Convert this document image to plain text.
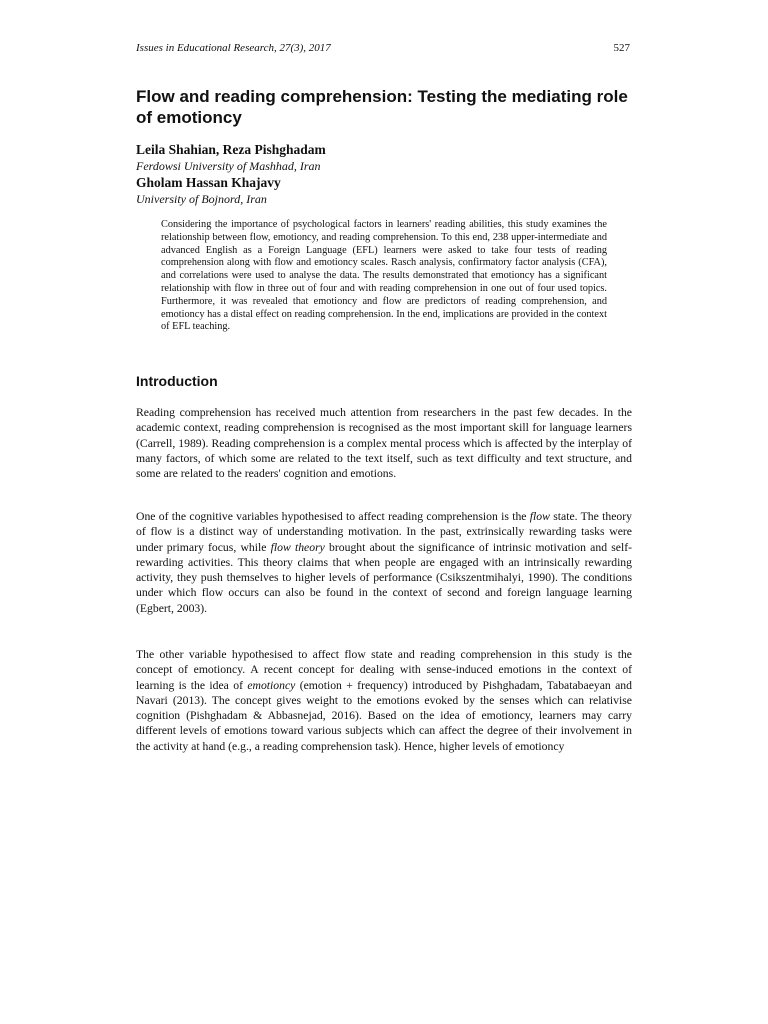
Issues in Educational Research, 27(3), 2017	527
Flow and reading comprehension: Testing the mediating role of emotioncy
Leila Shahian, Reza Pishghadam
Ferdowsi University of Mashhad, Iran
Gholam Hassan Khajavy
University of Bojnord, Iran

Considering the importance of psychological factors in learners' reading abilities, this study examines the relationship between flow, emotioncy, and reading comprehension. To this end, 238 upper-intermediate and advanced English as a Foreign Language (EFL) learners were asked to take four tests of reading comprehension along with flow and emotioncy scales. Rasch analysis, confirmatory factor analysis (CFA), and correlations were used to analyse the data. The results demonstrated that emotioncy has a significant relationship with flow in three out of four and with reading comprehension in one out of four used topics. Furthermore, it was revealed that emotioncy and flow are predictors of reading comprehension, and emotioncy has a distal effect on reading comprehension. In the end, implications are provided in the context of EFL teaching.

Introduction

Reading comprehension has received much attention from researchers in the past few decades. In the academic context, reading comprehension is recognised as the most important skill for language learners (Carrell, 1989). Reading comprehension is a complex mental process which is affected by the interplay of many factors, of which some are related to the text itself, such as text difficulty and text structure, and some are related to the readers' cognition and emotions.

One of the cognitive variables hypothesised to affect reading comprehension is the flow state. The theory of flow is a distinct way of understanding motivation. In the past, extrinsically rewarding tasks were under primary focus, while flow theory brought about the significance of intrinsic motivation and self-rewarding activities. This theory claims that when people are engaged with an intrinsically rewarding activity, they push themselves to higher levels of performance (Csikszentmihalyi, 1990). The conditions under which flow occurs can also be found in the context of second and foreign language learning (Egbert, 2003).

The other variable hypothesised to affect flow state and reading comprehension in this study is the concept of emotioncy. A recent concept for dealing with sense-induced emotions in the context of learning is the idea of emotioncy (emotion + frequency) introduced by Pishghadam, Tabatabaeyan and Navari (2013). The concept gives weight to the emotions evoked by the senses which can relativise cognition (Pishghadam & Abbasnejad, 2016). Based on the idea of emotioncy, learners may carry different levels of emotions toward various subjects which can affect the degree of their involvement in the activity at hand (e.g., a reading comprehension task). Hence, higher levels of emotioncy
